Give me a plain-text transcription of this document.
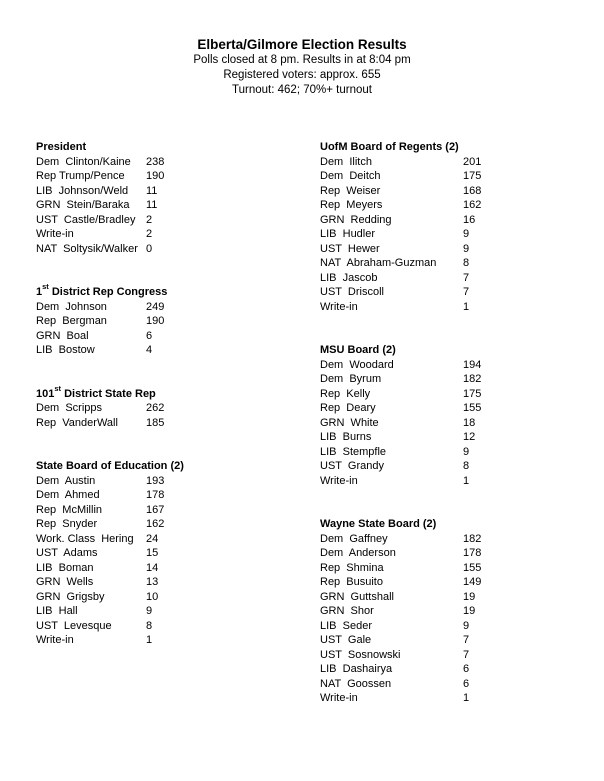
Elberta/Gilmore Election Results
Polls closed at 8 pm. Results in at 8:04 pm
Registered voters: approx. 655
Turnout: 462; 70%+ turnout
President
Dem  Clinton/Kaine	238
Rep Trump/Pence	190
LIB  Johnson/Weld	11
GRN  Stein/Baraka	11
UST  Castle/Bradley 2
Write-in	2
NAT  Soltysik/Walker 0
1st District Rep Congress
Dem  Johnson	249
Rep  Bergman	190
GRN  Boal	6
LIB  Bostow	4
101st District State Rep
Dem  Scripps	262
Rep  VanderWall	185
State Board of Education (2)
Dem  Austin	193
Dem  Ahmed	178
Rep  McMillin	167
Rep  Snyder	162
Work. Class  Hering	24
UST  Adams	15
LIB  Boman	14
GRN  Wells	13
GRN  Grigsby	10
LIB  Hall	9
UST  Levesque	8
Write-in	1
UofM Board of Regents (2)
Dem  Ilitch	201
Dem  Deitch	175
Rep  Weiser	168
Rep  Meyers	162
GRN  Redding	16
LIB  Hudler	9
UST  Hewer	9
NAT  Abraham-Guzman	8
LIB  Jascob	7
UST  Driscoll	7
Write-in	1
MSU Board (2)
Dem  Woodard	194
Dem  Byrum	182
Rep  Kelly	175
Rep  Deary	155
GRN  White	18
LIB  Burns	12
LIB  Stempfle	9
UST  Grandy	8
Write-in	1
Wayne State Board (2)
Dem  Gaffney	182
Dem  Anderson	178
Rep  Shmina	155
Rep  Busuito	149
GRN  Guttshall	19
GRN  Shor	19
LIB  Seder	9
UST  Gale	7
UST  Sosnowski	7
LIB  Dashairya	6
NAT  Goossen	6
Write-in	1
